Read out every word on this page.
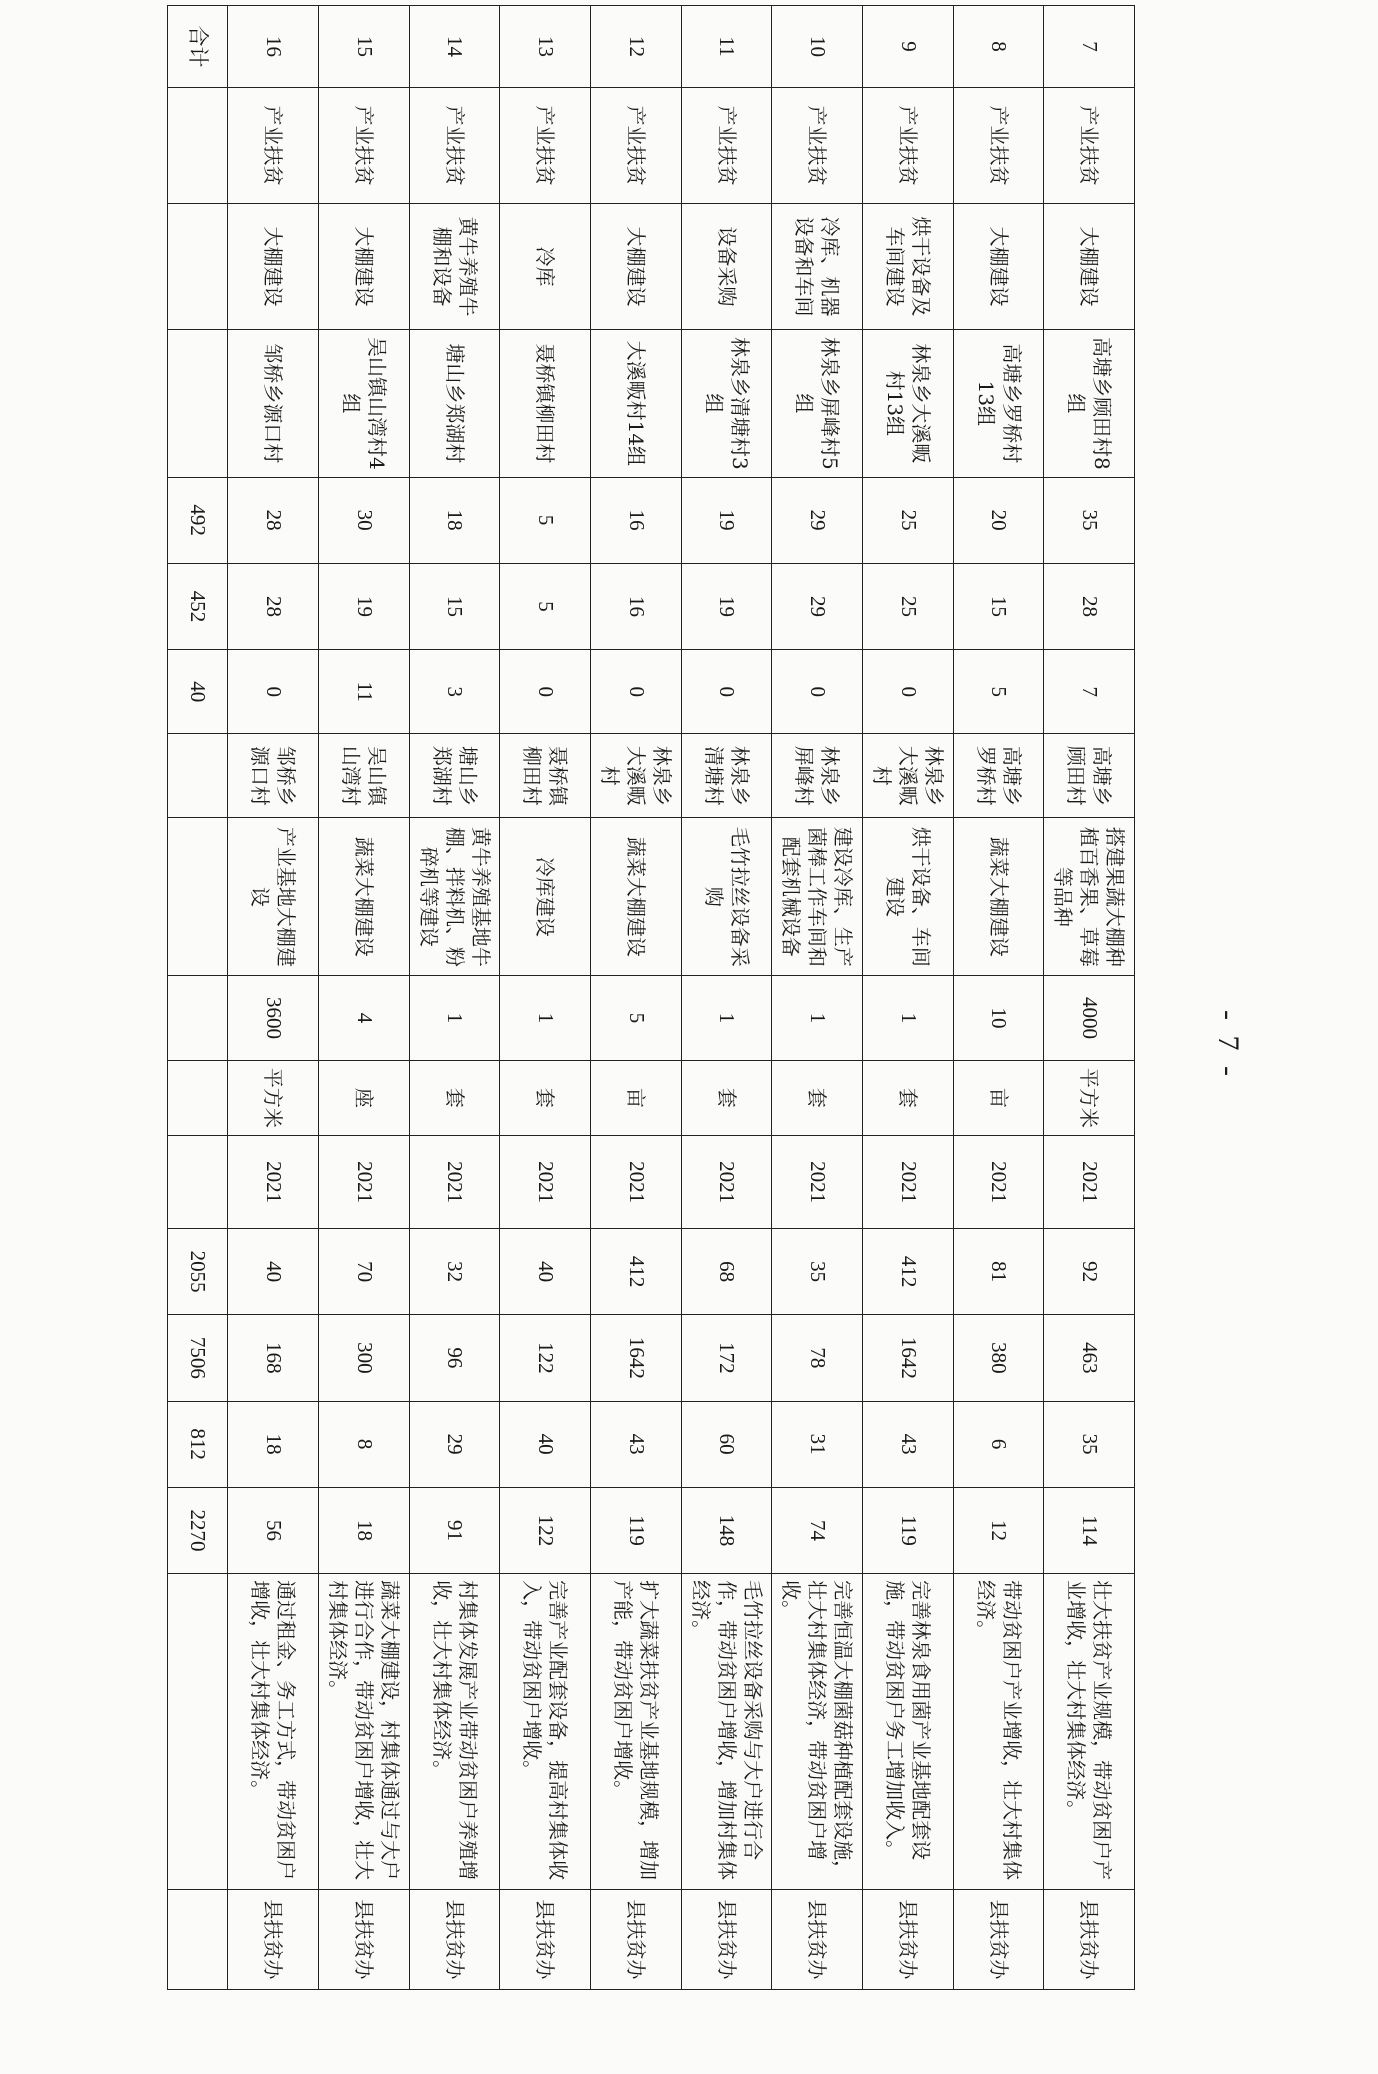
7	产业扶贫	大棚建设	高塘乡顾田村8组	35	28	7	高塘乡顾田村	搭建果蔬大棚种植百香果、草莓等品种	4000	平方米	2021	92	463	35	114	壮大扶贫产业规模，带动贫困户产业增收，壮大村集体经济。	县扶贫办
8	产业扶贫	大棚建设	高塘乡罗桥村13组	20	15	5	高塘乡罗桥村	蔬菜大棚建设	10	亩	2021	81	380	6	12	带动贫困户产业增收，壮大村集体经济。	县扶贫办
9	产业扶贫	烘干设备及车间建设	林泉乡大溪畈村13组	25	25	0	林泉乡大溪畈村	烘干设备、车间建设	1	套	2021	412	1642	43	119	完善林泉食用菌产业基地配套设施，带动贫困户务工增加收入。	县扶贫办
10	产业扶贫	冷库、机器设备和车间	林泉乡屏峰村5组	29	29	0	林泉乡屏峰村	建设冷库、生产菌棒工作车间和配套机械设备	1	套	2021	35	78	31	74	完善恒温大棚菌菇种植配套设施，壮大村集体经济，带动贫困户增收。	县扶贫办
11	产业扶贫	设备采购	林泉乡清塘村3组	19	19	0	林泉乡清塘村	毛竹拉丝设备采购	1	套	2021	68	172	60	148	毛竹拉丝设备采购与大户进行合作，带动贫困户增收，增加村集体经济。	县扶贫办
12	产业扶贫	大棚建设	大溪畈村14组	16	16	0	林泉乡大溪畈村	蔬菜大棚建设	5	亩	2021	412	1642	43	119	扩大蔬菜扶贫产业基地规模，增加产能，带动贫困户增收。	县扶贫办
13	产业扶贫	冷库	聂桥镇柳田村	5	5	0	聂桥镇柳田村	冷库建设	1	套	2021	40	122	40	122	完善产业配套设备，提高村集体收入，带动贫困户增收。	县扶贫办
14	产业扶贫	黄牛养殖牛棚和设备	塘山乡郑湖村	18	15	3	塘山乡郑湖村	黄牛养殖基地牛棚、拌料机、粉碎机等建设	1	套	2021	32	96	29	91	村集体发展产业带动贫困户养殖增收，壮大村集体经济。	县扶贫办
15	产业扶贫	大棚建设	吴山镇山湾村4组	30	19	11	吴山镇山湾村	蔬菜大棚建设	4	座	2021	70	300	8	18	蔬菜大棚建设，村集体通过与大户进行合作，带动贫困户增收，壮大村集体经济。	县扶贫办
16	产业扶贫	大棚建设	邹桥乡源口村	28	28	0	邹桥乡源口村	产业基地大棚建设	3600	平方米	2021	40	168	18	56	通过租金、务工方式，带动贫困户增收，壮大村集体经济。	县扶贫办
合计				492	452	40						2055	7506	812	2270		
- 7 -
